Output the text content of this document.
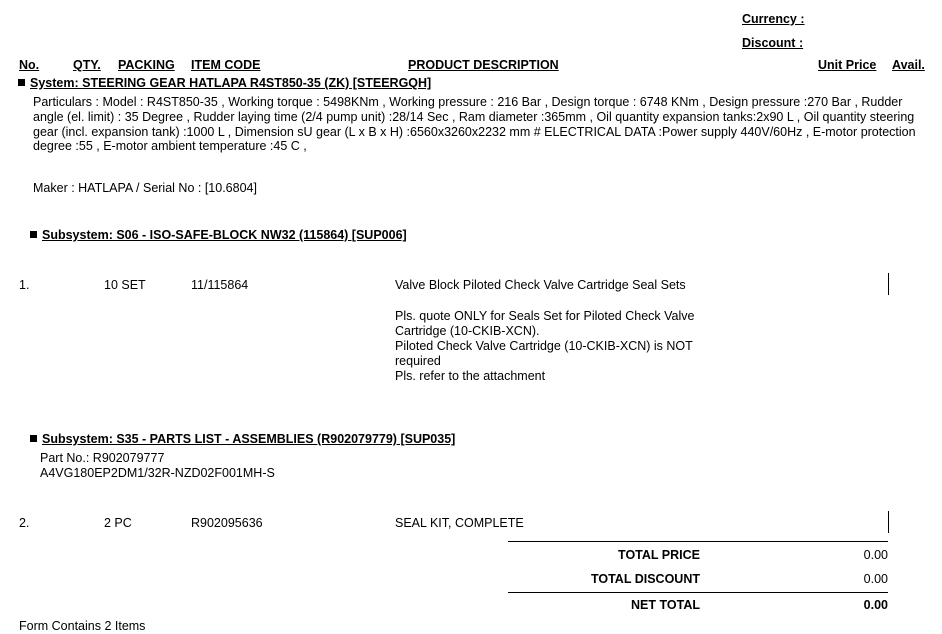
Currency :
Discount :
No.	QTY. PACKING ITEM CODE	PRODUCT DESCRIPTION	Unit Price Avail.
System: STEERING GEAR HATLAPA R4ST850-35 (ZK) [STEERGQH]
Particulars : Model : R4ST850-35 , Working torque : 5498KNm , Working pressure : 216 Bar , Design torque : 6748 KNm , Design pressure :270 Bar , Rudder angle (el. limit) : 35 Degree , Rudder laying time (2/4 pump unit) :28/14 Sec , Ram diameter :365mm , Oil quantity expansion tanks:2x90 L , Oil quantity steering gear (incl. expansion tank) :1000 L , Dimension sU gear (L x B x H) :6560x3260x2232 mm # ELECTRICAL DATA :Power supply 440V/60Hz , E-motor protection degree :55 , E-motor ambient temperature :45 C ,
Maker : HATLAPA / Serial No : [10.6804]
Subsystem: S06 - ISO-SAFE-BLOCK NW32 (115864) [SUP006]
1.	10 SET	11/115864	Valve Block Piloted Check Valve Cartridge Seal Sets
Pls. quote ONLY for Seals Set for Piloted Check Valve
Cartridge (10-CKIB-XCN).
Piloted Check Valve Cartridge (10-CKIB-XCN) is NOT
required
Pls. refer to the attachment
Subsystem: S35 - PARTS LIST - ASSEMBLIES (R902079779) [SUP035]
Part No.: R902079777
A4VG180EP2DM1/32R-NZD02F001MH-S
2.	2 PC	R902095636	SEAL KIT, COMPLETE
TOTAL PRICE	0.00
TOTAL DISCOUNT	0.00
NET TOTAL	0.00
Form Contains 2 Items
